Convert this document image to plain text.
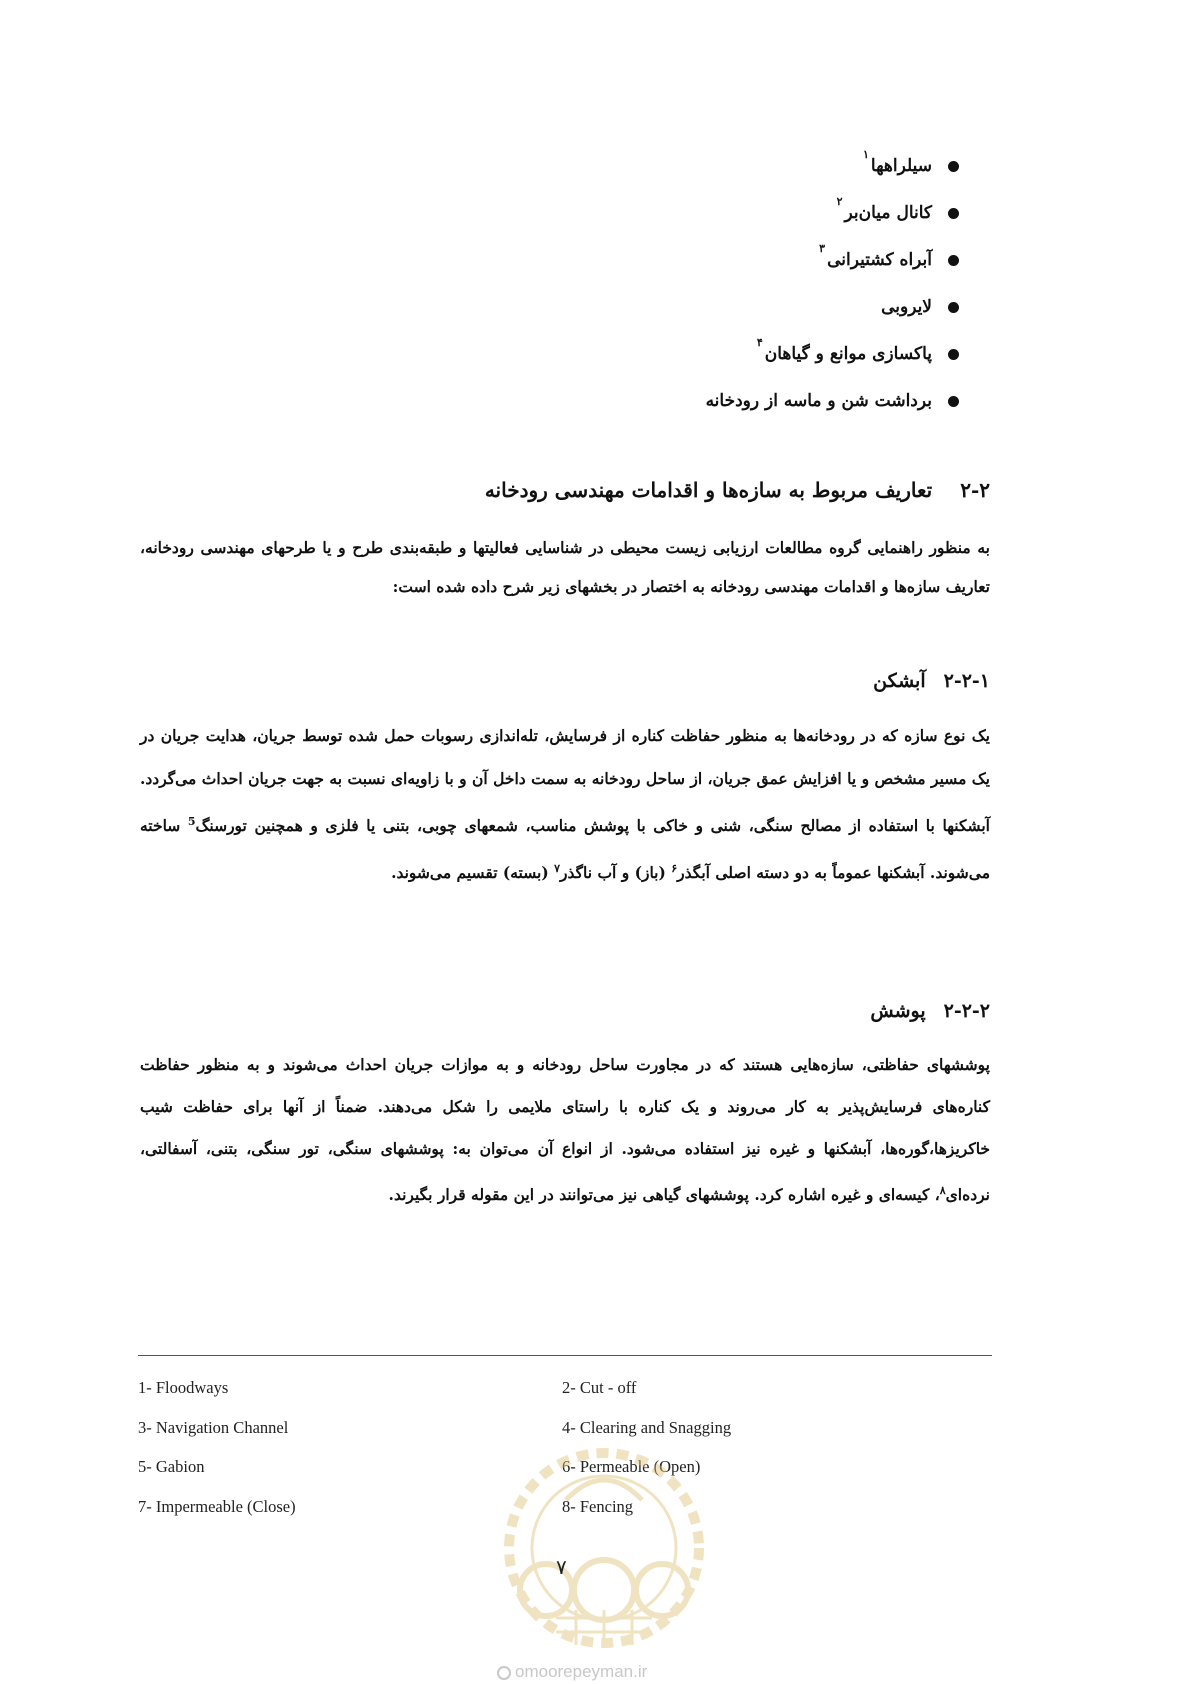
سیلراهها$^۱$
کانال میان‌بر$^۲$
آبراه کشتیرانی$^۳$
لایروبی
پاکسازی موانع و گیاهان$^۴$
برداشت شن و ماسه از رودخانه
۲-۲تعاریف مربوط به سازه‌ها و اقدامات مهندسی رودخانه

به منظور راهنمایی گروه مطالعات ارزیابی زیست محیطی در شناسایی فعالیتها و طبقه‌بندی طرح و یا طرحهای مهندسی رودخانه، تعاریف سازه‌ها و اقدامات مهندسی رودخانه به اختصار در بخشهای زیر شرح داده شده است:

۲-۲-۱آبشکن

یک نوع سازه که در رودخانه‌ها به منظور حفاظت کناره از فرسایش، تله‌اندازی رسوبات حمل شده توسط جریان، هدایت جریان در یک مسیر مشخص و یا افزایش عمق جریان، از ساحل رودخانه به سمت داخل آن و با زاویه‌ای نسبت به جهت جریان احداث می‌گردد. آبشکنها با استفاده از مصالح سنگی، شنی و خاکی با پوشش مناسب، شمعهای چوبی، بتنی یا فلزی و همچنین تورسنگ$^5$ ساخته می‌شوند. آبشکنها عموماً به دو دسته اصلی آبگذر$^۶$ (باز) و آب ناگذر$^۷$ (بسته) تقسیم می‌شوند.

۲-۲-۲پوشش

پوششهای حفاظتی، سازه‌هایی هستند که در مجاورت ساحل رودخانه و به موازات جریان احداث می‌شوند و به منظور حفاظت کناره‌های فرسایش‌پذیر به کار می‌روند و یک کناره با راستای ملایمی را شکل می‌دهند. ضمناً از آنها برای حفاظت شیب خاکریزها،گوره‌ها، آبشکنها و غیره نیز استفاده می‌شود. از انواع آن می‌توان به: پوششهای سنگی، تور سنگی، بتنی، آسفالتی، نرده‌ای$^۸$، کیسه‌ای و غیره اشاره کرد. پوششهای گیاهی نیز می‌توانند در این مقوله قرار بگیرند.

1- Floodways	2- Cut - off
3- Navigation Channel	4- Clearing and Snagging
5- Gabion	6- Permeable (Open)
7- Impermeable (Close)	8- Fencing
۷
omoorepeyman.ir
